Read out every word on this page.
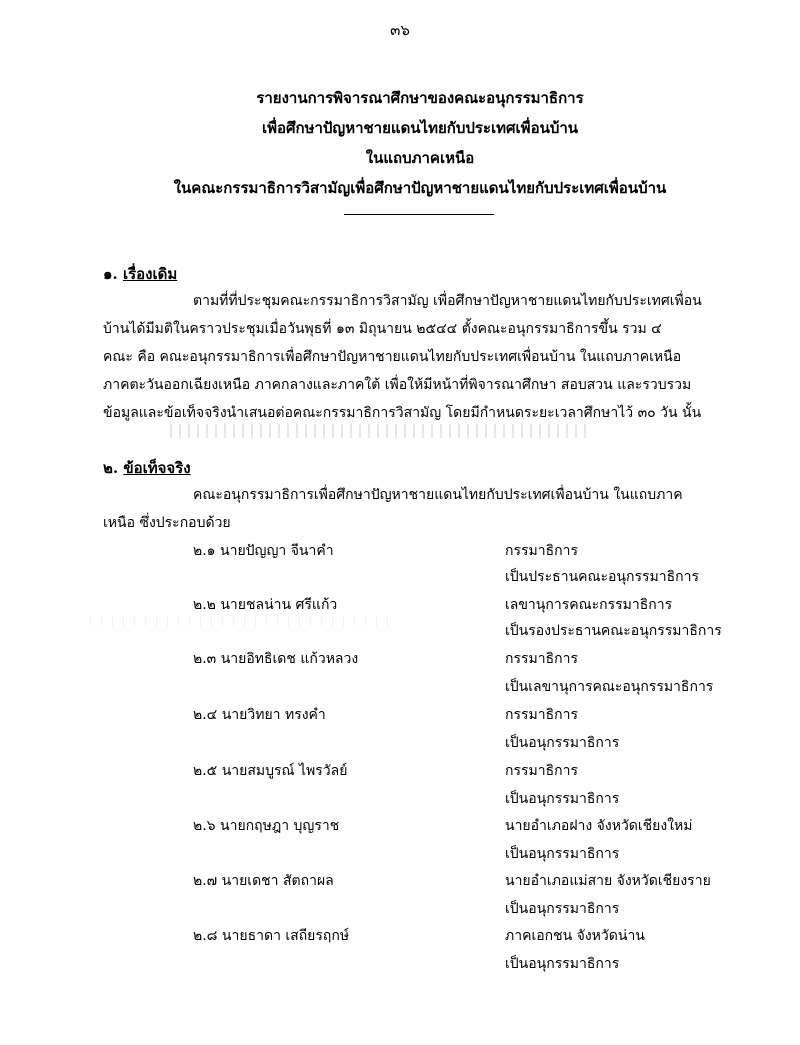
๓๖
รายงานการพิจารณาศึกษาของคณะอนุกรรมาธิการ
เพื่อศึกษาปัญหาชายแดนไทยกับประเทศเพื่อนบ้าน
ในแถบภาคเหนือ
ในคณะกรรมาธิการวิสามัญเพื่อศึกษาปัญหาชายแดนไทยกับประเทศเพื่อนบ้าน
๑. เรื่องเดิม
ตามที่ที่ประชุมคณะกรรมาธิการวิสามัญ เพื่อศึกษาปัญหาชายแดนไทยกับประเทศเพื่อน
บ้านได้มีมติในคราวประชุมเมื่อวันพุธที่ ๑๓ มิถุนายน ๒๕๔๔ ตั้งคณะอนุกรรมาธิการขึ้น รวม ๔
คณะ คือ คณะอนุกรรมาธิการเพื่อศึกษาปัญหาชายแดนไทยกับประเทศเพื่อนบ้าน ในแถบภาคเหนือ
ภาคตะวันออกเฉียงเหนือ ภาคกลางและภาคใต้ เพื่อให้มีหน้าที่พิจารณาศึกษา สอบสวน และรวบรวม
ข้อมูลและข้อเท็จจริงนำเสนอต่อคณะกรรมาธิการวิสามัญ โดยมีกำหนดระยะเวลาศึกษาไว้ ๓๐ วัน นั้น
๒. ข้อเท็จจริง
คณะอนุกรรมาธิการเพื่อศึกษาปัญหาชายแดนไทยกับประเทศเพื่อนบ้าน ในแถบภาค
เหนือ ซึ่งประกอบด้วย
๒.๑ นายปัญญา จีนาคำ	กรรมาธิการ
เป็นประธานคณะอนุกรรมาธิการ
๒.๒ นายชลน่าน ศรีแก้ว	เลขานุการคณะกรรมาธิการ
เป็นรองประธานคณะอนุกรรมาธิการ
๒.๓ นายอิทธิเดช แก้วหลวง	กรรมาธิการ
เป็นเลขานุการคณะอนุกรรมาธิการ
๒.๔ นายวิทยา ทรงคำ	กรรมาธิการ
เป็นอนุกรรมาธิการ
๒.๕ นายสมบูรณ์ ไพรวัลย์	กรรมาธิการ
เป็นอนุกรรมาธิการ
๒.๖ นายกฤษฎา บุญราช	นายอำเภอฝาง จังหวัดเชียงใหม่
เป็นอนุกรรมาธิการ
๒.๗ นายเดชา สัตถาผล	นายอำเภอแม่สาย จังหวัดเชียงราย
เป็นอนุกรรมาธิการ
๒.๘ นายธาดา เสถียรฤกษ์	ภาคเอกชน จังหวัดน่าน
เป็นอนุกรรมาธิการ
